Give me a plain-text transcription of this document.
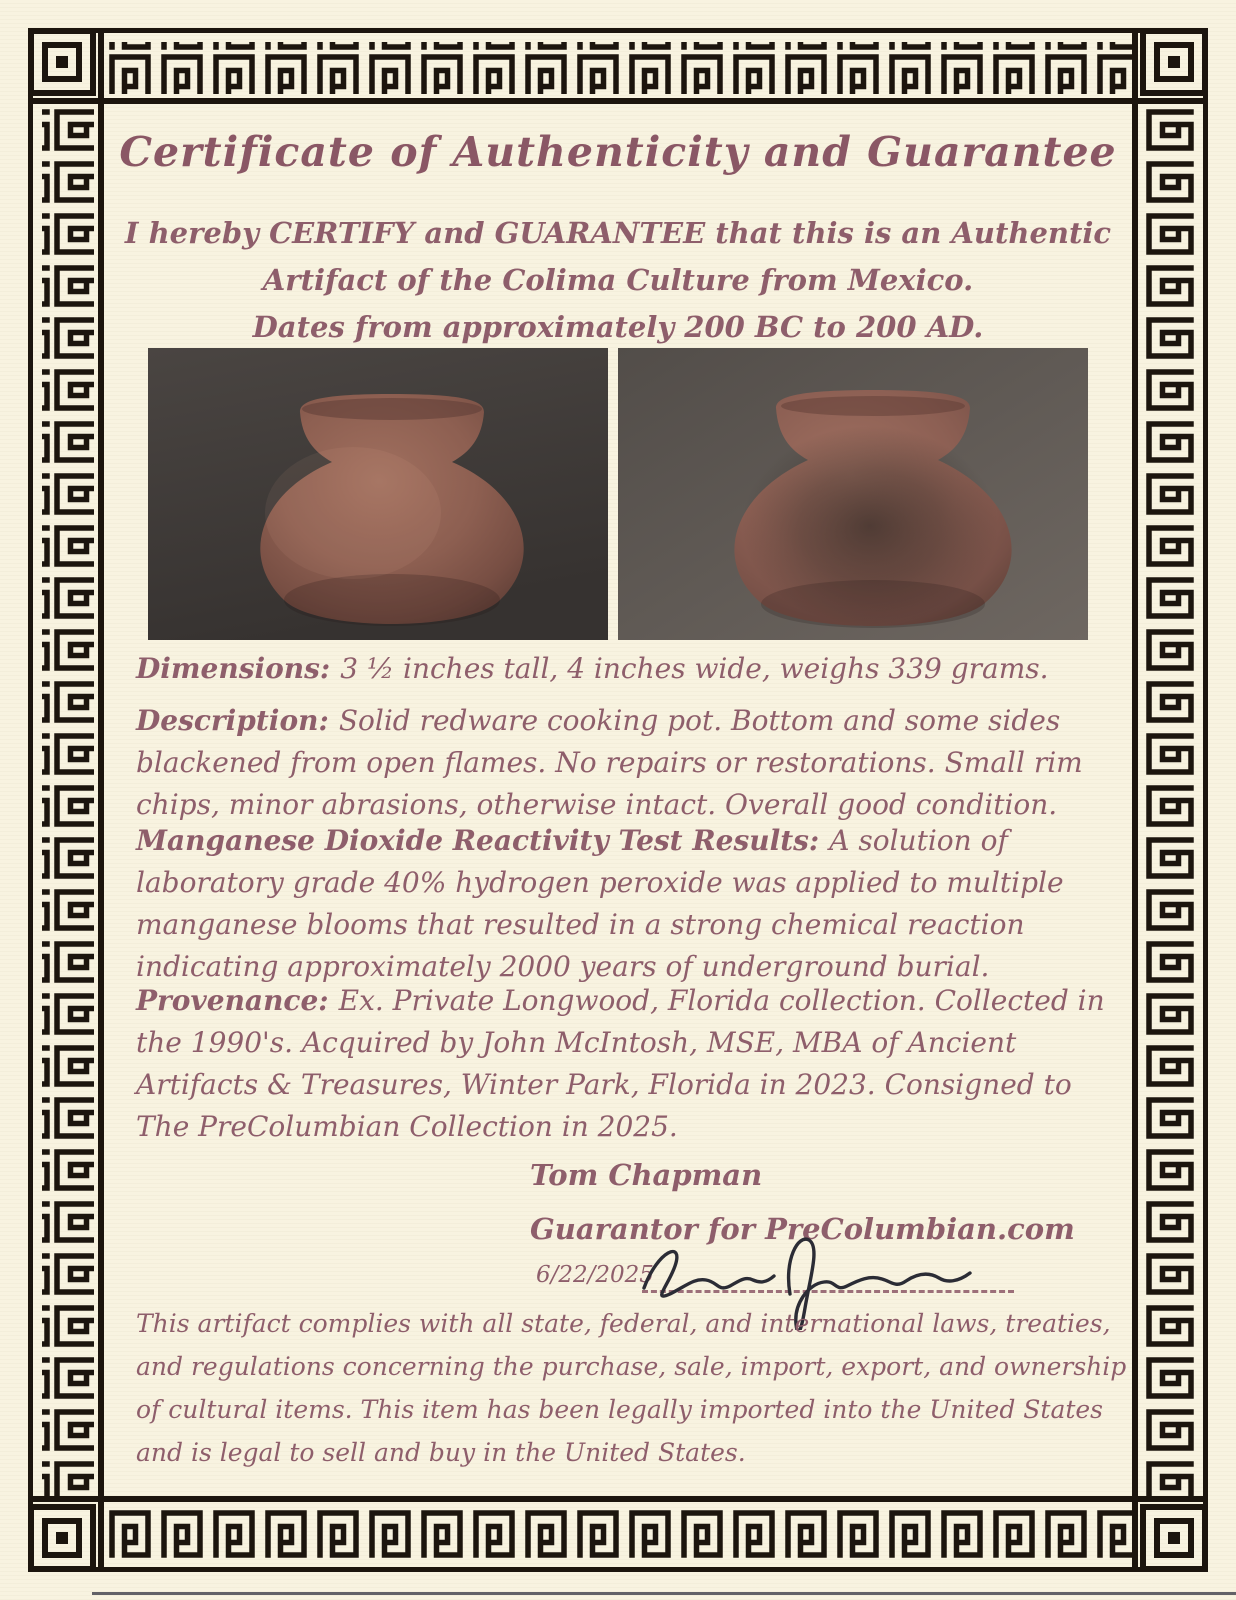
Certificate of Authenticity and Guarantee
I hereby CERTIFY and GUARANTEE that this is an Authentic
Artifact of the Colima Culture from Mexico.
Dates from approximately 200 BC to 200 AD.
Dimensions: 3 ½ inches tall, 4 inches wide, weighs 339 grams.
Description: Solid redware cooking pot. Bottom and some sides blackened from open flames. No repairs or restorations. Small rim chips, minor abrasions, otherwise intact. Overall good condition.
Manganese Dioxide Reactivity Test Results: A solution of laboratory grade 40% hydrogen peroxide was applied to multiple manganese blooms that resulted in a strong chemical reaction indicating approximately 2000 years of underground burial.
Provenance: Ex. Private Longwood, Florida collection. Collected in the 1990's. Acquired by John McIntosh, MSE, MBA of Ancient Artifacts & Treasures, Winter Park, Florida in 2023. Consigned to The PreColumbian Collection in 2025.
Tom Chapman
Guarantor for PreColumbian.com
6/22/2025
This artifact complies with all state, federal, and international laws, treaties, and regulations concerning the purchase, sale, import, export, and ownership of cultural items. This item has been legally imported into the United States and is legal to sell and buy in the United States.
